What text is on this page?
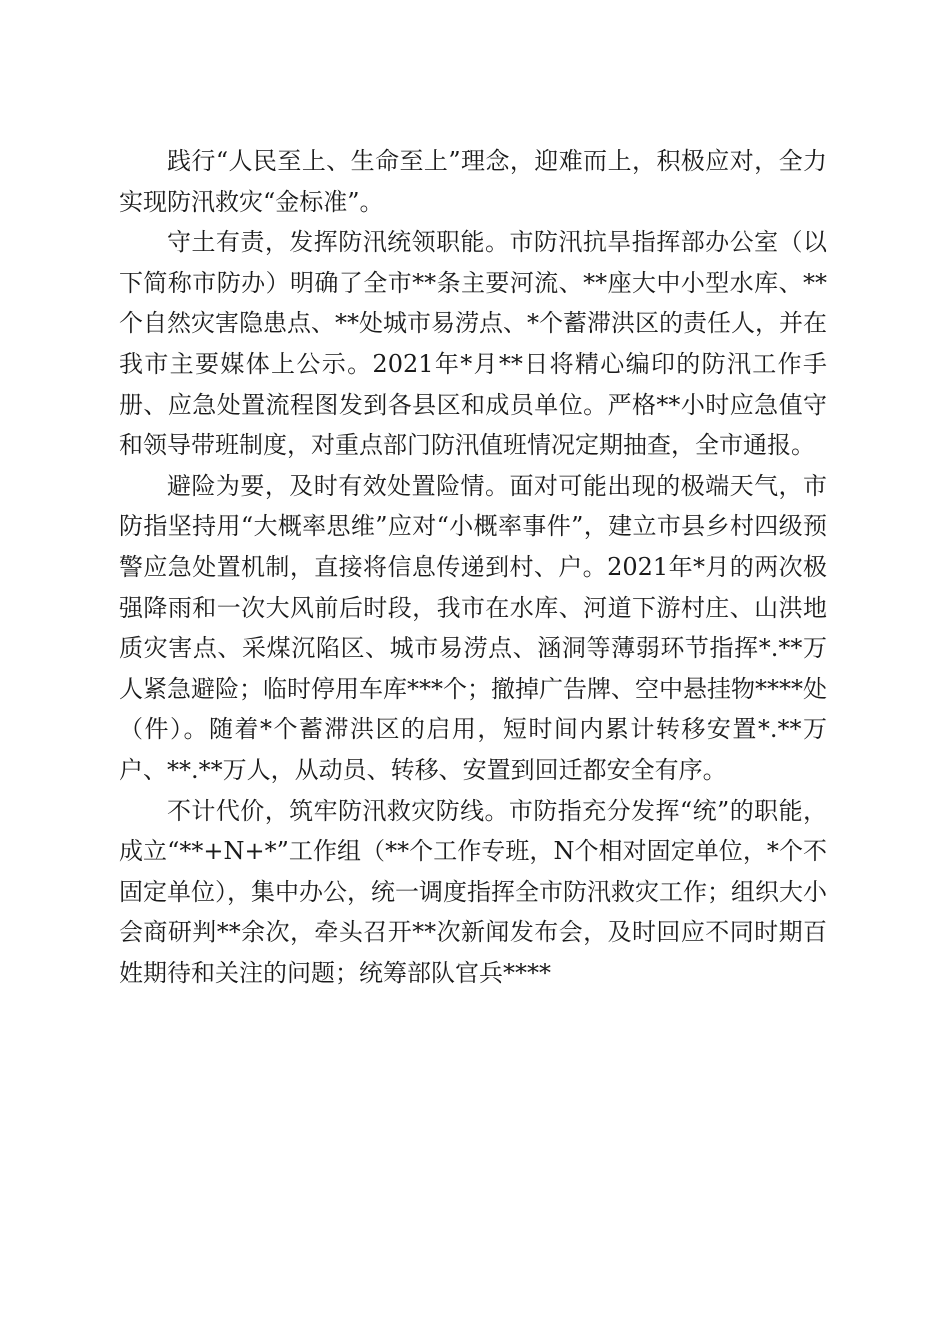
践行“人民至上、生命至上”理念，迎难而上，积极应对，全力实现防汛救灾“金标准”。

守土有责，发挥防汛统领职能。市防汛抗旱指挥部办公室（以下简称市防办）明确了全市**条主要河流、**座大中小型水库、**个自然灾害隐患点、**处城市易涝点、*个蓄滞洪区的责任人，并在我市主要媒体上公示。2021年*月**日将精心编印的防汛工作手册、应急处置流程图发到各县区和成员单位。严格**小时应急值守和领导带班制度，对重点部门防汛值班情况定期抽查，全市通报。

避险为要，及时有效处置险情。面对可能出现的极端天气，市防指坚持用“大概率思维”应对“小概率事件”，建立市县乡村四级预警应急处置机制，直接将信息传递到村、户。2021年*月的两次极强降雨和一次大风前后时段，我市在水库、河道下游村庄、山洪地质灾害点、采煤沉陷区、城市易涝点、涵洞等薄弱环节指挥*.**万人紧急避险；临时停用车库***个；撤掉广告牌、空中悬挂物****处（件）。随着*个蓄滞洪区的启用，短时间内累计转移安置*.**万户、**.**万人，从动员、转移、安置到回迁都安全有序。

不计代价，筑牢防汛救灾防线。市防指充分发挥“统”的职能，成立“**+N+*”工作组（**个工作专班，N个相对固定单位，*个不固定单位），集中办公，统一调度指挥全市防汛救灾工作；组织大小会商研判**余次，牵头召开**次新闻发布会，及时回应不同时期百姓期待和关注的问题；统筹部队官兵****
